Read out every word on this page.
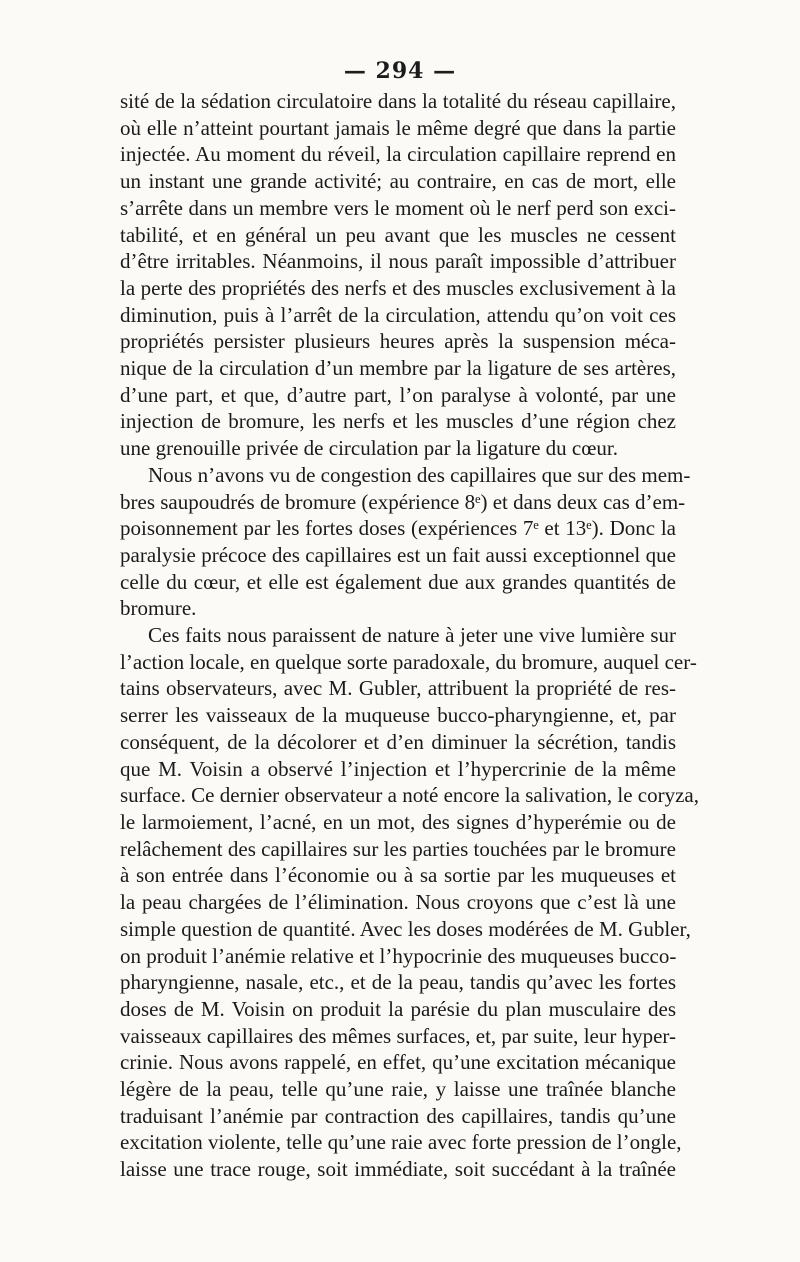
— 294 —
sité de la sédation circulatoire dans la totalité du réseau capillaire,
où elle n’atteint pourtant jamais le même degré que dans la partie
injectée. Au moment du réveil, la circulation capillaire reprend en
un instant une grande activité; au contraire, en cas de mort, elle
s’arrête dans un membre vers le moment où le nerf perd son exci-
tabilité, et en général un peu avant que les muscles ne cessent
d’être irritables. Néanmoins, il nous paraît impossible d’attribuer
la perte des propriétés des nerfs et des muscles exclusivement à la
diminution, puis à l’arrêt de la circulation, attendu qu’on voit ces
propriétés persister plusieurs heures après la suspension méca-
nique de la circulation d’un membre par la ligature de ses artères,
d’une part, et que, d’autre part, l’on paralyse à volonté, par une
injection de bromure, les nerfs et les muscles d’une région chez
une grenouille privée de circulation par la ligature du cœur.
Nous n’avons vu de congestion des capillaires que sur des mem-
bres saupoudrés de bromure (expérience 8ᵉ) et dans deux cas d’em-
poisonnement par les fortes doses (expériences 7ᵉ et 13ᵉ). Donc la
paralysie précoce des capillaires est un fait aussi exceptionnel que
celle du cœur, et elle est également due aux grandes quantités de
bromure.
Ces faits nous paraissent de nature à jeter une vive lumière sur
l’action locale, en quelque sorte paradoxale, du bromure, auquel cer-
tains observateurs, avec M. Gubler, attribuent la propriété de res-
serrer les vaisseaux de la muqueuse bucco-pharyngienne, et, par
conséquent, de la décolorer et d’en diminuer la sécrétion, tandis
que M. Voisin a observé l’injection et l’hypercrinie de la même
surface. Ce dernier observateur a noté encore la salivation, le coryza,
le larmoiement, l’acné, en un mot, des signes d’hyperémie ou de
relâchement des capillaires sur les parties touchées par le bromure
à son entrée dans l’économie ou à sa sortie par les muqueuses et
la peau chargées de l’élimination. Nous croyons que c’est là une
simple question de quantité. Avec les doses modérées de M. Gubler,
on produit l’anémie relative et l’hypocrinie des muqueuses bucco-
pharyngienne, nasale, etc., et de la peau, tandis qu’avec les fortes
doses de M. Voisin on produit la parésie du plan musculaire des
vaisseaux capillaires des mêmes surfaces, et, par suite, leur hyper-
crinie. Nous avons rappelé, en effet, qu’une excitation mécanique
légère de la peau, telle qu’une raie, y laisse une traînée blanche
traduisant l’anémie par contraction des capillaires, tandis qu’une
excitation violente, telle qu’une raie avec forte pression de l’ongle,
laisse une trace rouge, soit immédiate, soit succédant à la traînée
